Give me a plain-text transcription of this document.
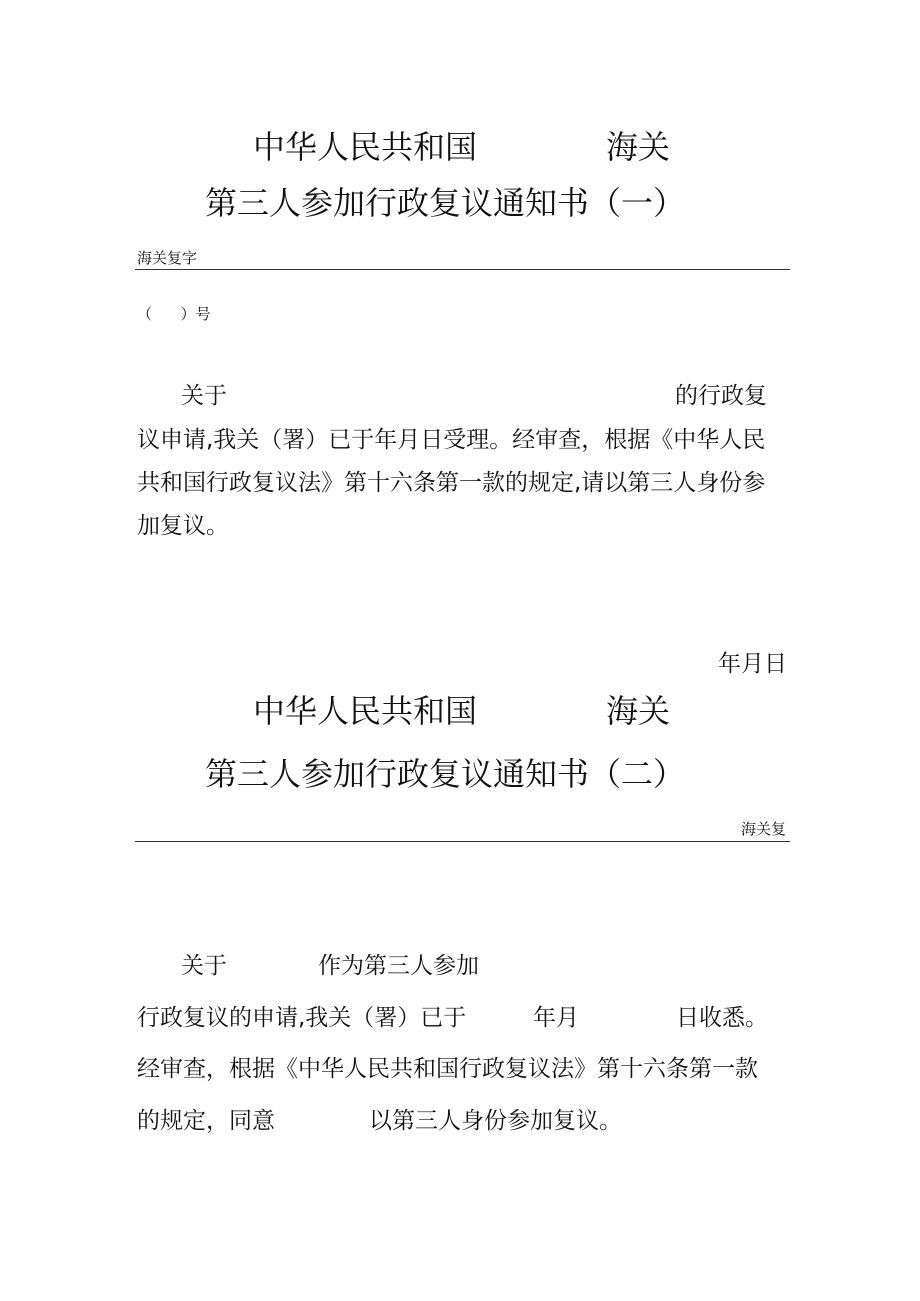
中华人民共和国	海关
第三人参加行政复议通知书（一）
海关复字
（      ）号
关于	的行政复
议申请,我关（署）已于年月日受理。经审查，根据《中华人民
共和国行政复议法》第十六条第一款的规定,请以第三人身份参
加复议。
年月日
中华人民共和国	海关
第三人参加行政复议通知书（二）
海关复
关于	作为第三人参加
行政复议的申请,我关（署）已于	年月	日收悉。
经审查，根据《中华人民共和国行政复议法》第十六条第一款
的规定，同意	以第三人身份参加复议。
